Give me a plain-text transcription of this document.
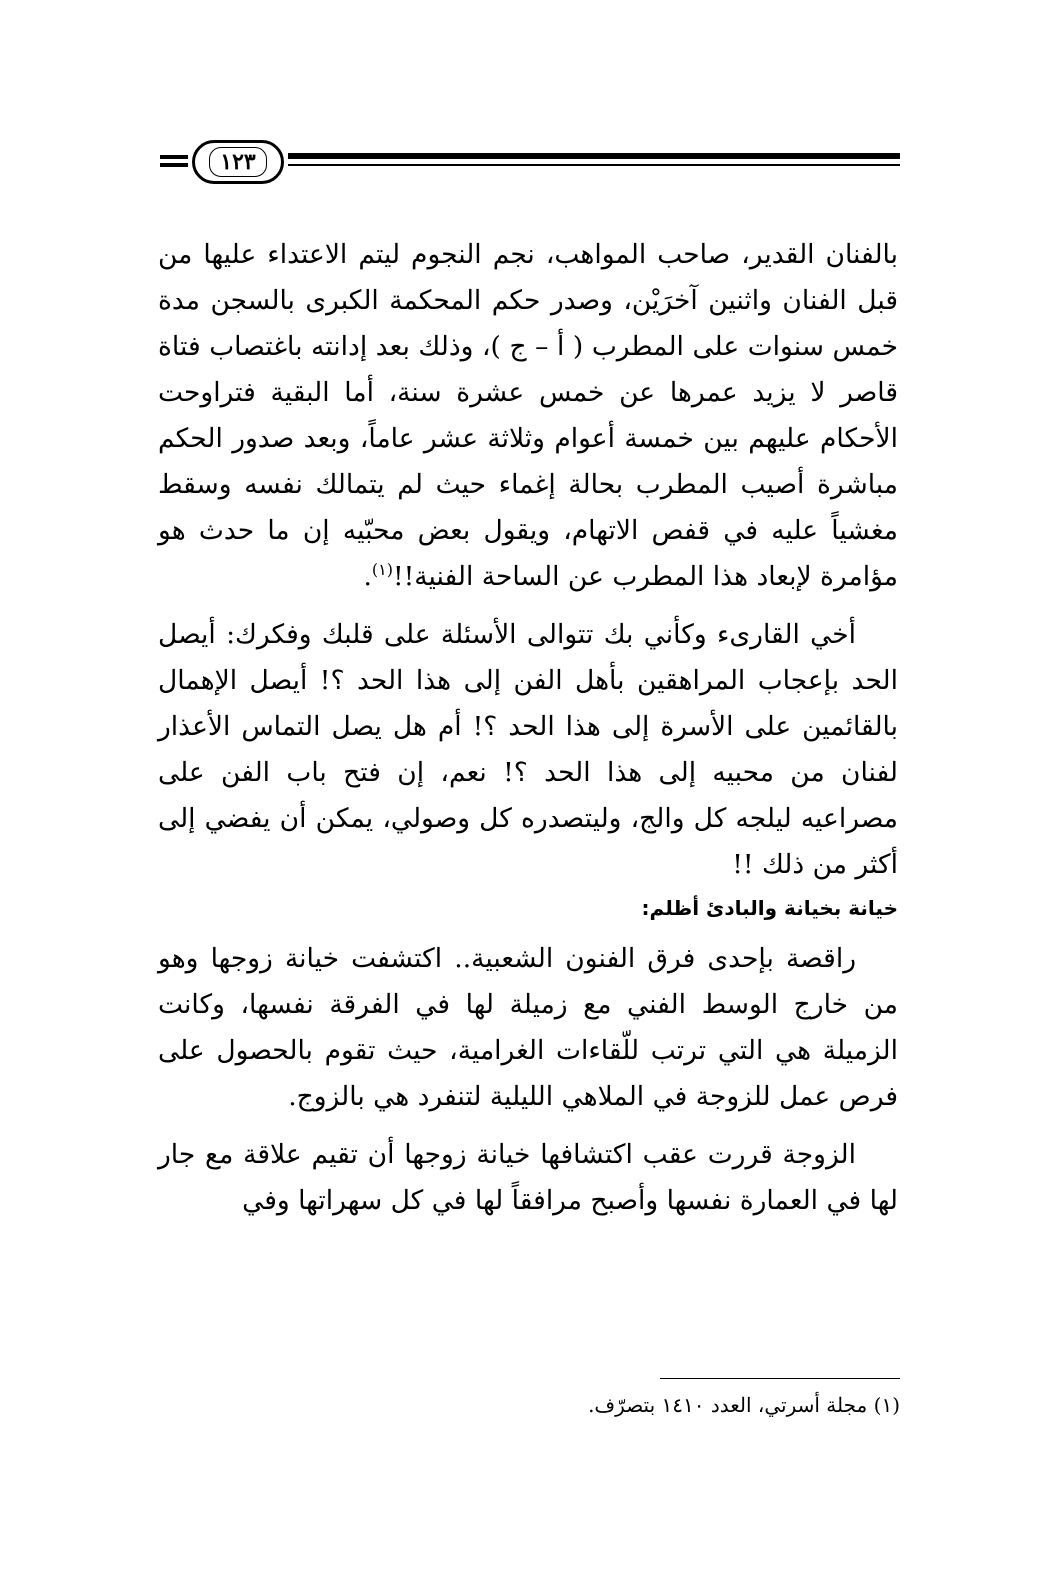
١٢٣

بالفنان القدير، صاحب المواهب، نجم النجوم ليتم الاعتداء عليها من قبل الفنان واثنين آخرَيْن، وصدر حكم المحكمة الكبرى بالسجن مدة خمس سنوات على المطرب ( أ – ج )، وذلك بعد إدانته باغتصاب فتاة قاصر لا يزيد عمرها عن خمس عشرة سنة، أما البقية فتراوحت الأحكام عليهم بين خمسة أعوام وثلاثة عشر عاماً، وبعد صدور الحكم مباشرة أصيب المطرب بحالة إغماء حيث لم يتمالك نفسه وسقط مغشياً عليه في قفص الاتهام، ويقول بعض محبّيه إن ما حدث هو مؤامرة لإبعاد هذا المطرب عن الساحة الفنية!!$^{(١)}$.

أخي القارىء وكأني بك تتوالى الأسئلة على قلبك وفكرك: أيصل الحد بإعجاب المراهقين بأهل الفن إلى هذا الحد ؟! أيصل الإهمال بالقائمين على الأسرة إلى هذا الحد ؟! أم هل يصل التماس الأعذار لفنان من محبيه إلى هذا الحد ؟! نعم، إن فتح باب الفن على مصراعيه ليلجه كل والج، وليتصدره كل وصولي، يمكن أن يفضي إلى أكثر من ذلك !!

خيانة بخيانة والبادئ أظلم:

راقصة بإحدى فرق الفنون الشعبية.. اكتشفت خيانة زوجها وهو من خارج الوسط الفني مع زميلة لها في الفرقة نفسها، وكانت الزميلة هي التي ترتب للّقاءات الغرامية، حيث تقوم بالحصول على فرص عمل للزوجة في الملاهي الليلية لتنفرد هي بالزوج.

الزوجة قررت عقب اكتشافها خيانة زوجها أن تقيم علاقة مع جار لها في العمارة نفسها وأصبح مرافقاً لها في كل سهراتها وفي

(١) مجلة أسرتي، العدد ١٤١٠ بتصرّف.
